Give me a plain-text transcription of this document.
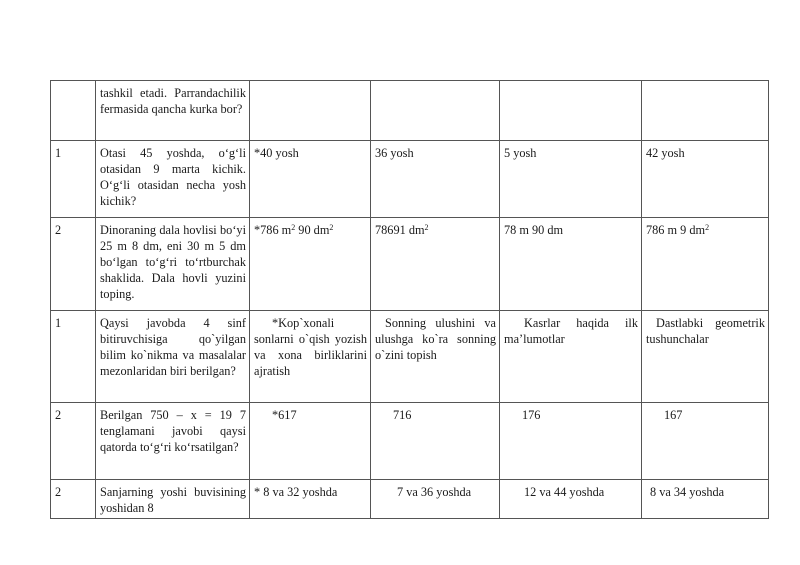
	tashkil etadi. Parrandachilik fermasida qancha kurka bor?				
1	Otasi 45 yoshda, o‘g‘li otasidan 9 marta kichik. O‘g‘li otasidan necha yosh kichik?	*40 yosh	36 yosh	5 yosh	42 yosh
2	Dinoraning dala hovlisi bo‘yi 25 m 8 dm, eni 30 m 5 dm bo‘lgan to‘g‘ri to‘rtburchak shaklida. Dala hovli yuzini toping.	*786 $m^2$ 90 $dm^2$	78691 $dm^2$	78 m 90 dm	786 m 9 $dm^2$
1	Qaysi javobda 4 sinf bitiruvchisiga qo`yilgan bilim ko`nikma va masalalar mezonlaridan biri berilgan?	*Kop`xonali sonlarni o`qish yozish va xona birliklarini ajratish	Sonning ulushini va ulushga ko`ra sonning o`zini topish	Kasrlar haqida ilk ma’lumotlar	Dastlabki geometrik tushunchalar
2	Berilgan 750 – x = 19 7 tenglamani javobi qaysi qatorda to‘g‘ri ko‘rsatilgan?	*617	716	176	167
2	Sanjarning yoshi buvisining yoshidan 8	* 8 va 32 yoshda	7 va 36 yoshda	12 va 44 yoshda	8 va 34 yoshda
